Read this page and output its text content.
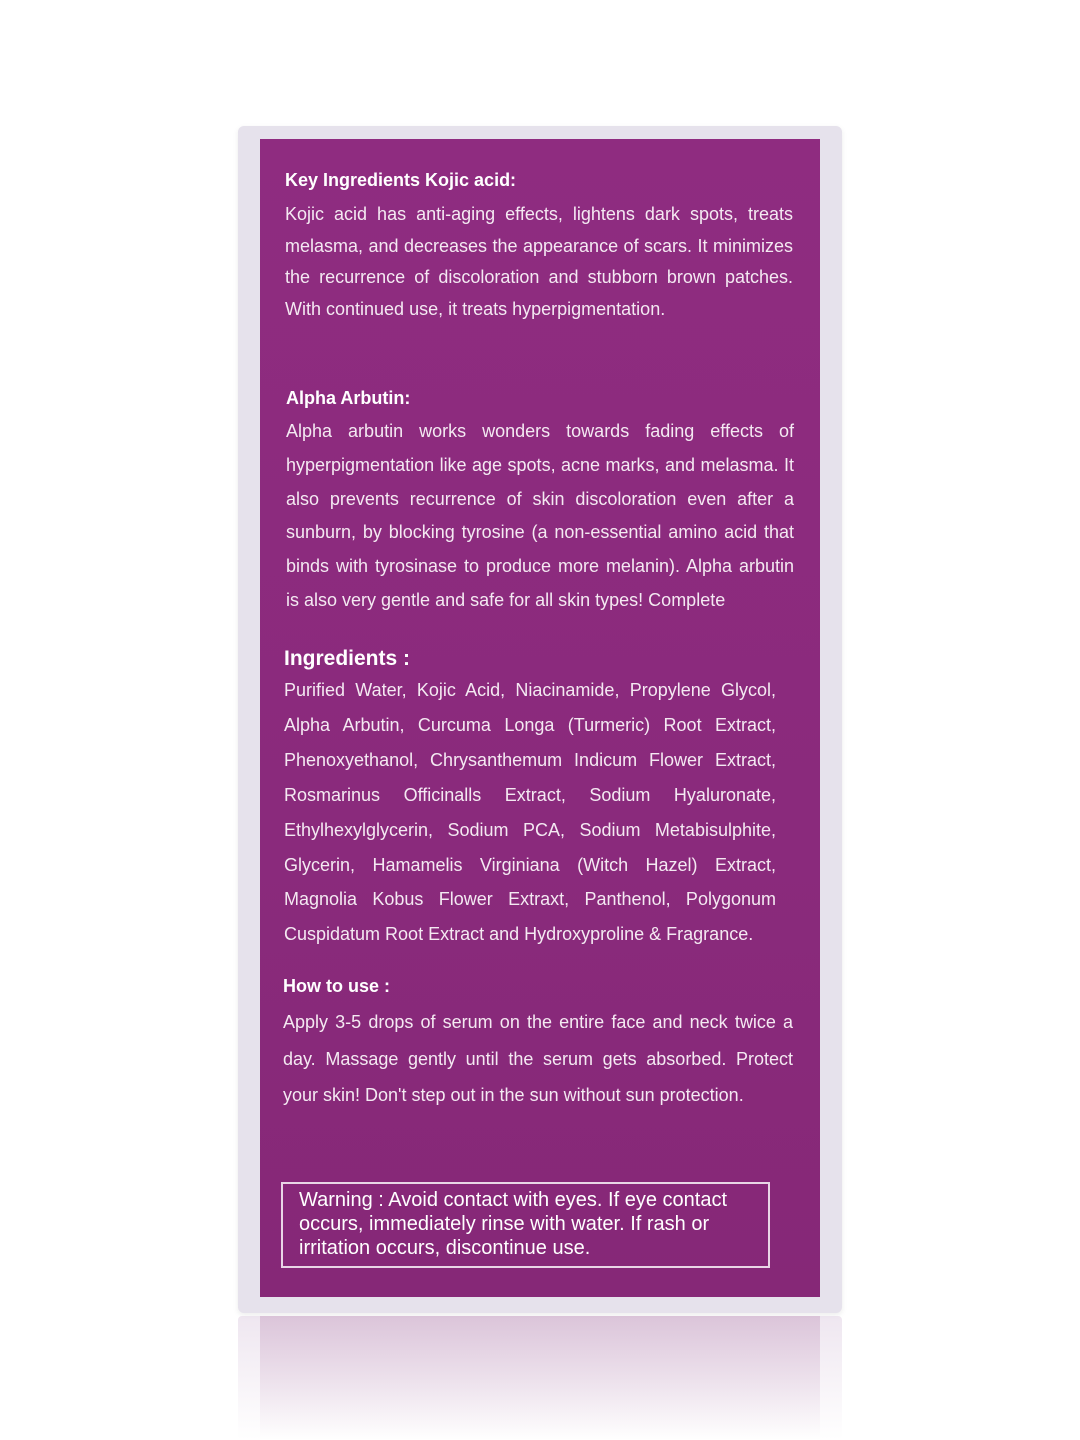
Key Ingredients Kojic acid:

Kojic acid has anti-aging effects, lightens dark spots, treats melasma, and decreases the appearance of scars. It minimizes the recurrence of discoloration and stubborn brown patches. With continued use, it treats hyperpigmentation.

Alpha Arbutin:

Alpha arbutin works wonders towards fading effects of hyperpigmentation like age spots, acne marks, and melasma. It also prevents recurrence of skin discoloration even after a sunburn, by blocking tyrosine (a non-essential amino acid that binds with tyrosinase to produce more melanin). Alpha arbutin is also very gentle and safe for all skin types! Complete

Ingredients :

Purified Water, Kojic Acid, Niacinamide, Propylene Glycol, Alpha Arbutin, Curcuma Longa (Turmeric) Root Extract, Phenoxyethanol, Chrysanthemum Indicum Flower Extract, Rosmarinus Officinalls Extract, Sodium Hyaluronate, Ethylhexylglycerin, Sodium PCA, Sodium Metabisulphite, Glycerin, Hamamelis Virginiana (Witch Hazel) Extract, Magnolia Kobus Flower Extraxt, Panthenol, Polygonum Cuspidatum Root Extract and Hydroxyproline & Fragrance.

How to use :

Apply 3-5 drops of serum on the entire face and neck twice a day. Massage gently until the serum gets absorbed. Protect your skin! Don't step out in the sun without sun protection.

Warning : Avoid contact with eyes. If eye contact occurs, immediately rinse with water. If rash or irritation occurs, discontinue use.
